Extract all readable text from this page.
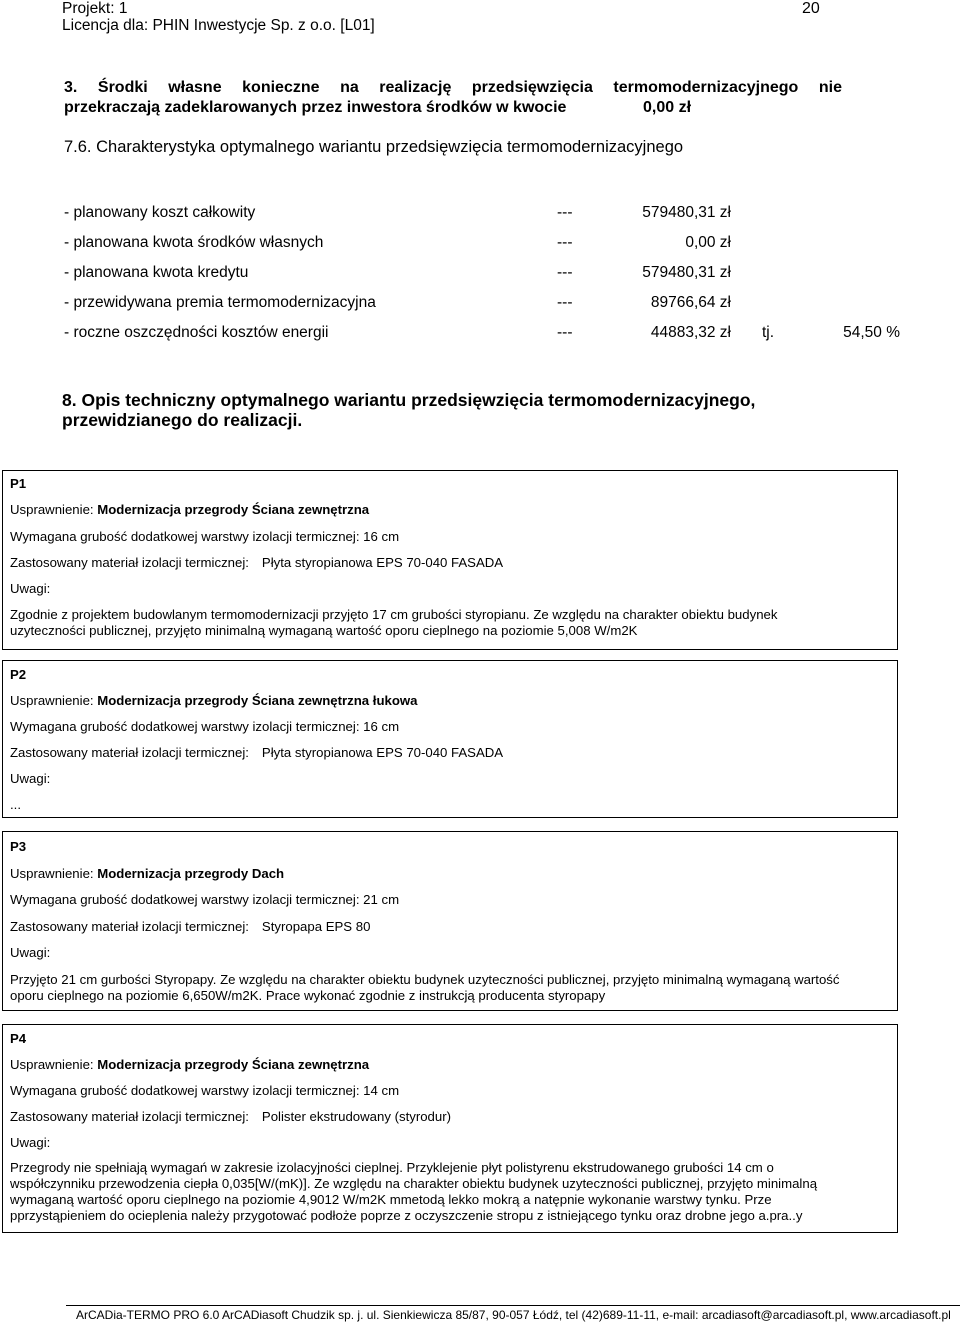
Projekt: 1
Licencja dla: PHIN Inwestycje Sp. z o.o. [L01]
20
3. Środki własne konieczne na realizację przedsięwzięcia termomodernizacyjnego nie
przekraczają zadeklarowanych przez inwestora środków w kwocie	0,00 zł
7.6. Charakterystyka optymalnego wariantu przedsięwzięcia termomodernizacyjnego
- planowany koszt całkowity	---	579480,31 zł
- planowana kwota środków własnych	---	0,00 zł
- planowana kwota kredytu	---	579480,31 zł
- przewidywana premia termomodernizacyjna	---	89766,64 zł
- roczne oszczędności kosztów energii	---	44883,32 zł tj.	54,50 %
8. Opis techniczny optymalnego wariantu przedsięwzięcia termomodernizacyjnego,
przewidzianego do realizacji.
P1
Usprawnienie: Modernizacja przegrody Ściana zewnętrzna
Wymagana grubość dodatkowej warstwy izolacji termicznej: 16 cm
Zastosowany materiał izolacji termicznej: Płyta styropianowa EPS 70-040 FASADA
Uwagi:
Zgodnie z projektem budowlanym termomodernizacji przyjęto 17 cm grubości styropianu. Ze względu na charakter obiektu budynek
uzyteczności publicznej, przyjęto minimalną wymaganą wartość oporu cieplnego na poziomie 5,008 W/m2K
P2
Usprawnienie: Modernizacja przegrody Ściana zewnętrzna łukowa
Wymagana grubość dodatkowej warstwy izolacji termicznej: 16 cm
Zastosowany materiał izolacji termicznej: Płyta styropianowa EPS 70-040 FASADA
Uwagi:
...
P3
Usprawnienie: Modernizacja przegrody Dach
Wymagana grubość dodatkowej warstwy izolacji termicznej: 21 cm
Zastosowany materiał izolacji termicznej: Styropapa EPS 80
Uwagi:
Przyjęto 21 cm gurbości Styropapy. Ze względu na charakter obiektu budynek uzyteczności publicznej, przyjęto minimalną wymaganą wartość
oporu cieplnego na poziomie 6,650W/m2K. Prace wykonać zgodnie z instrukcją producenta styropapy
P4
Usprawnienie: Modernizacja przegrody Ściana zewnętrzna
Wymagana grubość dodatkowej warstwy izolacji termicznej: 14 cm
Zastosowany materiał izolacji termicznej: Polister ekstrudowany (styrodur)
Uwagi:
Przegrody nie spełniają wymagań w zakresie izolacyjności cieplnej. Przyklejenie płyt polistyrenu ekstrudowanego grubości 14 cm o
współczynniku przewodzenia ciepła 0,035[W/(mK)]. Ze względu na charakter obiektu budynek uzyteczności publicznej, przyjęto minimalną
wymaganą wartość oporu cieplnego na poziomie 4,9012 W/m2K mmetodą lekko mokrą a natępnie wykonanie warstwy tynku. Prze
pprzystąpieniem do ocieplenia należy przygotować podłoże poprze z oczyszczenie stropu z istniejącego tynku oraz drobne jego a.pra..y
ArCADia-TERMO PRO 6.0 ArCADiasoft Chudzik sp. j. ul. Sienkiewicza 85/87, 90-057 Łódź, tel (42)689-11-11, e-mail: arcadiasoft@arcadiasoft.pl, www.arcadiasoft.pl
